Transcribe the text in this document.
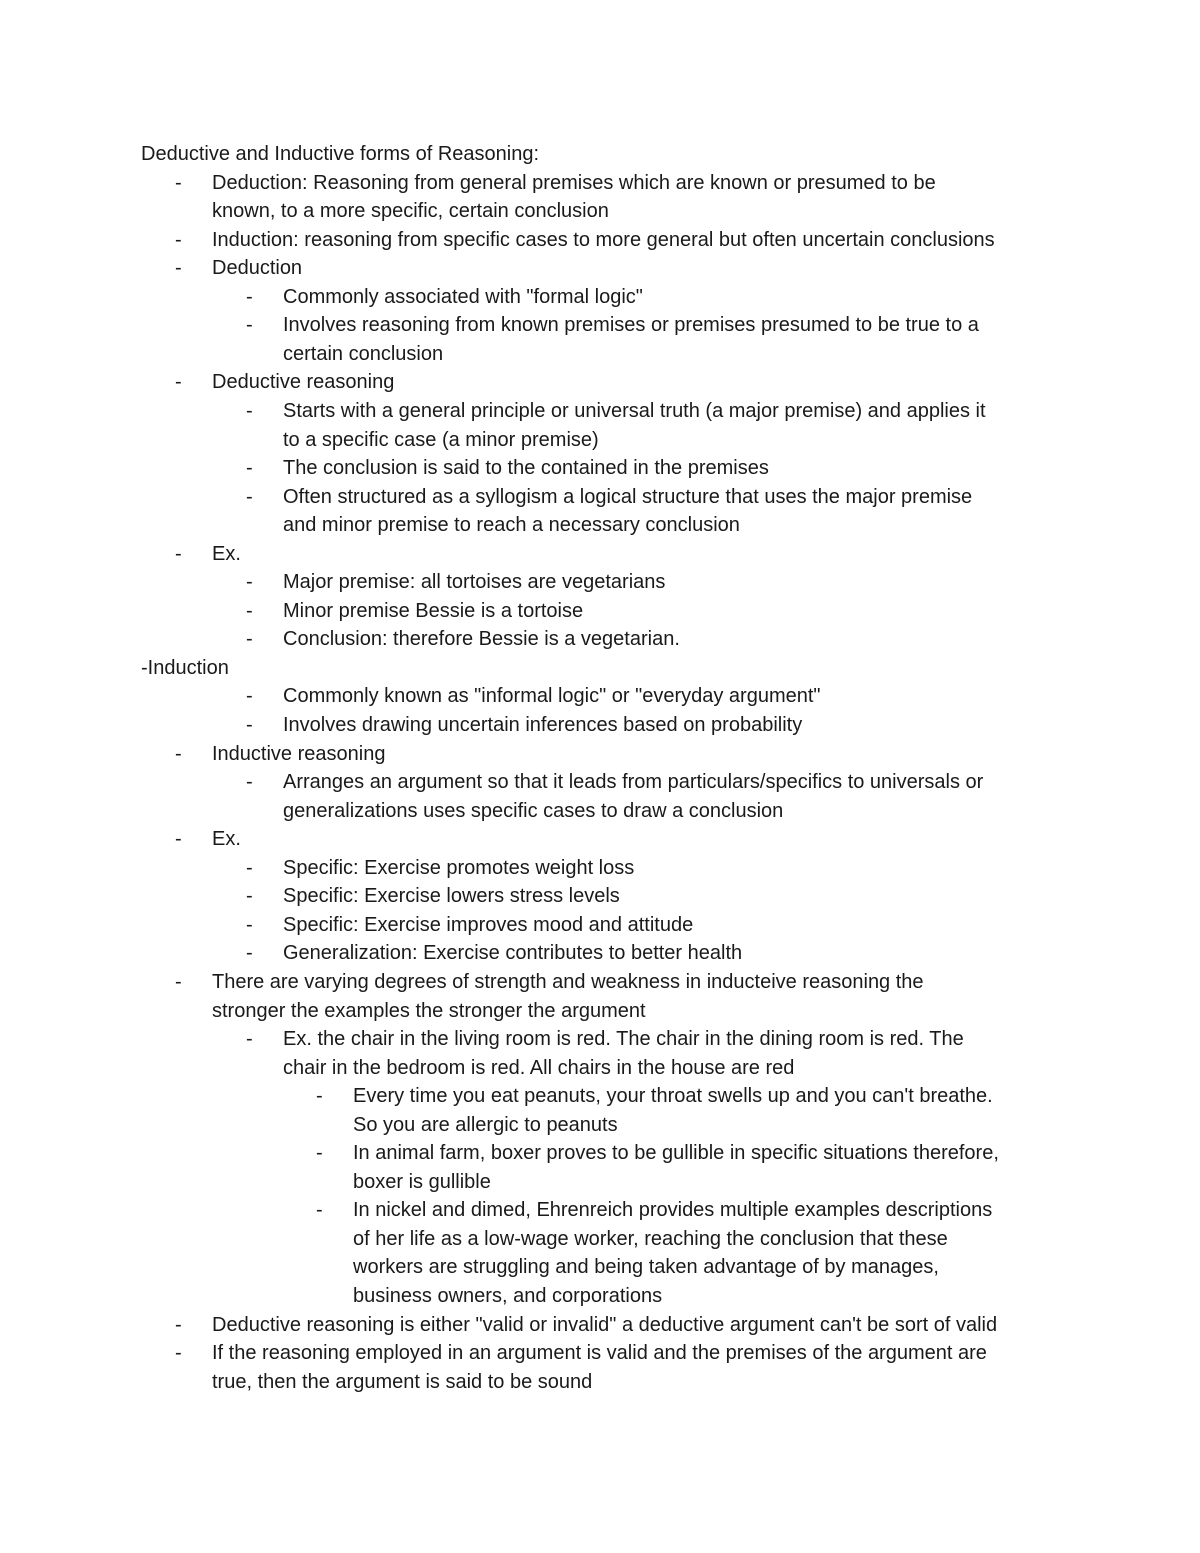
Deductive and Inductive forms of Reasoning:
- Deduction: Reasoning from general premises which are known or presumed to be
known, to a more specific, certain conclusion
- Induction: reasoning from specific cases to more general but often uncertain conclusions
- Deduction
- Commonly associated with "formal logic"
- Involves reasoning from known premises or premises presumed to be true to a
certain conclusion
- Deductive reasoning
- Starts with a general principle or universal truth (a major premise) and applies it
to a specific case (a minor premise)
- The conclusion is said to the contained in the premises
- Often structured as a syllogism a logical structure that uses the major premise
and minor premise to reach a necessary conclusion
- Ex.
- Major premise: all tortoises are vegetarians
- Minor premise Bessie is a tortoise
- Conclusion: therefore Bessie is a vegetarian.
-Induction
- Commonly known as "informal logic" or "everyday argument"
- Involves drawing uncertain inferences based on probability
- Inductive reasoning
- Arranges an argument so that it leads from particulars/specifics to universals or
generalizations uses specific cases to draw a conclusion
- Ex.
- Specific: Exercise promotes weight loss
- Specific: Exercise lowers stress levels
- Specific: Exercise improves mood and attitude
- Generalization: Exercise contributes to better health
- There are varying degrees of strength and weakness in inducteive reasoning the
stronger the examples the stronger the argument
- Ex. the chair in the living room is red. The chair in the dining room is red. The
chair in the bedroom is red. All chairs in the house are red
- Every time you eat peanuts, your throat swells up and you can't breathe.
So you are allergic to peanuts
- In animal farm, boxer proves to be gullible in specific situations therefore,
boxer is gullible
- In nickel and dimed, Ehrenreich provides multiple examples descriptions
of her life as a low-wage worker, reaching the conclusion that these
workers are struggling and being taken advantage of by manages,
business owners, and corporations
- Deductive reasoning is either "valid or invalid" a deductive argument can't be sort of valid
- If the reasoning employed in an argument is valid and the premises of the argument are
true, then the argument is said to be sound
